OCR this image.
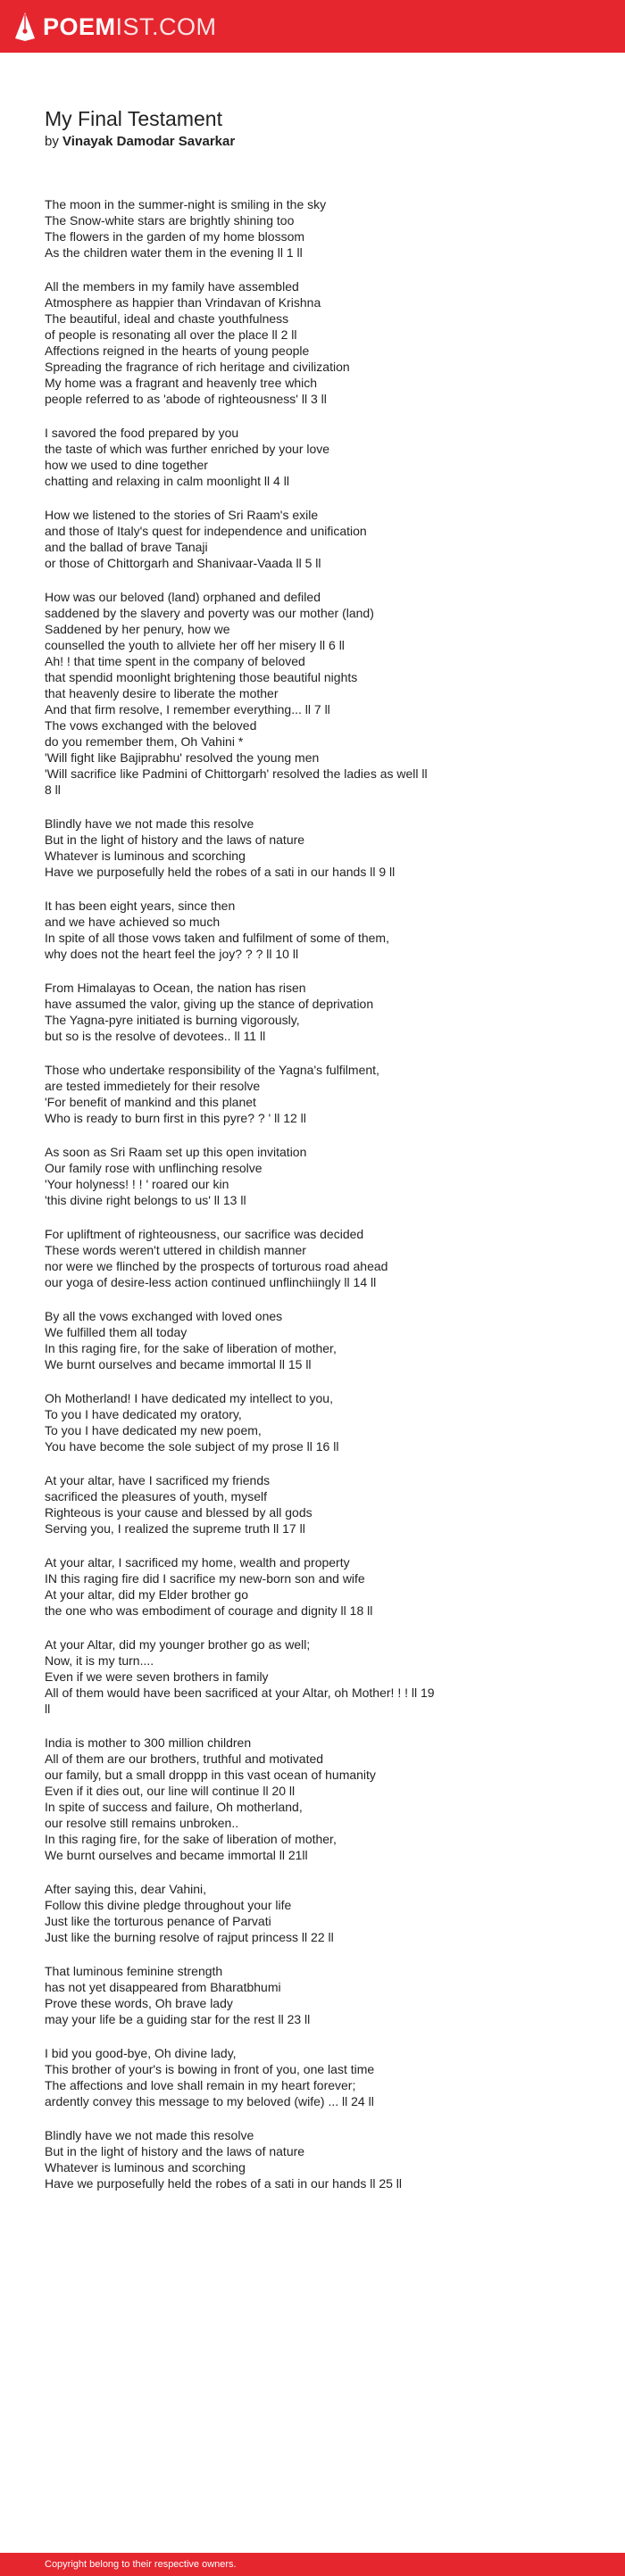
POEMIST.COM
My Final Testament
by Vinayak Damodar Savarkar
The moon in the summer-night is smiling in the sky
The Snow-white stars are brightly shining too
The flowers in the garden of my home blossom
As the children water them in the evening ll 1 ll
All the members in my family have assembled
Atmosphere as happier than Vrindavan of Krishna
The beautiful, ideal and chaste youthfulness
of people is resonating all over the place ll 2 ll
Affections reigned in the hearts of young people
Spreading the fragrance of rich heritage and civilization
My home was a fragrant and heavenly tree which
people referred to as 'abode of righteousness' ll 3 ll
I savored the food prepared by you
the taste of which was further enriched by your love
how we used to dine together
chatting and relaxing in calm moonlight ll 4 ll
How we listened to the stories of Sri Raam's exile
and those of Italy's quest for independence and unification
and the ballad of brave Tanaji
or those of Chittorgarh and Shanivaar-Vaada ll 5 ll
How was our beloved (land) orphaned and defiled
saddened by the slavery and poverty was our mother (land)
Saddened by her penury, how we
counselled the youth to allviete her off her misery ll 6 ll
Ah! ! that time spent in the company of beloved
that spendid moonlight brightening those beautiful nights
that heavenly desire to liberate the mother
And that firm resolve, I remember everything... ll 7 ll
The vows exchanged with the beloved
do you remember them, Oh Vahini *
'Will fight like Bajiprabhu' resolved the young men
'Will sacrifice like Padmini of Chittorgarh' resolved the ladies as well ll
8 ll
Blindly have we not made this resolve
But in the light of history and the laws of nature
Whatever is luminous and scorching
Have we purposefully held the robes of a sati in our hands ll 9 ll
It has been eight years, since then
and we have achieved so much
In spite of all those vows taken and fulfilment of some of them,
why does not the heart feel the joy? ? ? ll 10 ll
From Himalayas to Ocean, the nation has risen
have assumed the valor, giving up the stance of deprivation
The Yagna-pyre initiated is burning vigorously,
but so is the resolve of devotees.. ll 11 ll
Those who undertake responsibility of the Yagna's fulfilment,
are tested immedietely for their resolve
'For benefit of mankind and this planet
Who is ready to burn first in this pyre? ? ' ll 12 ll
As soon as Sri Raam set up this open invitation
Our family rose with unflinching resolve
'Your holyness! ! ! ' roared our kin
'this divine right belongs to us' ll 13 ll
For upliftment of righteousness, our sacrifice was decided
These words weren't uttered in childish manner
nor were we flinched by the prospects of torturous road ahead
our yoga of desire-less action continued unflinchiingly ll 14 ll
By all the vows exchanged with loved ones
We fulfilled them all today
In this raging fire, for the sake of liberation of mother,
We burnt ourselves and became immortal ll 15 ll
Oh Motherland! I have dedicated my intellect to you,
To you I have dedicated my oratory,
To you I have dedicated my new poem,
You have become the sole subject of my prose ll 16 ll
At your altar, have I sacrificed my friends
sacrificed the pleasures of youth, myself
Righteous is your cause and blessed by all gods
Serving you, I realized the supreme truth ll 17 ll
At your altar, I sacrificed my home, wealth and property
IN this raging fire did I sacrifice my new-born son and wife
At your altar, did my Elder brother go
the one who was embodiment of courage and dignity ll 18 ll
At your Altar, did my younger brother go as well;
Now, it is my turn....
Even if we were seven brothers in family
All of them would have been sacrificed at your Altar, oh Mother! ! ! ll 19
ll
India is mother to 300 million children
All of them are our brothers, truthful and motivated
our family, but a small droppp in this vast ocean of humanity
Even if it dies out, our line will continue ll 20 ll
In spite of success and failure, Oh motherland,
our resolve still remains unbroken..
In this raging fire, for the sake of liberation of mother,
We burnt ourselves and became immortal ll 21ll
After saying this, dear Vahini,
Follow this divine pledge throughout your life
Just like the torturous penance of Parvati
Just like the burning resolve of rajput princess ll 22 ll
That luminous feminine strength
has not yet disappeared from Bharatbhumi
Prove these words, Oh brave lady
may your life be a guiding star for the rest ll 23 ll
I bid you good-bye, Oh divine lady,
This brother of your's is bowing in front of you, one last time
The affections and love shall remain in my heart forever;
ardently convey this message to my beloved (wife) ... ll 24 ll
Blindly have we not made this resolve
But in the light of history and the laws of nature
Whatever is luminous and scorching
Have we purposefully held the robes of a sati in our hands ll 25 ll
Copyright belong to their respective owners.
